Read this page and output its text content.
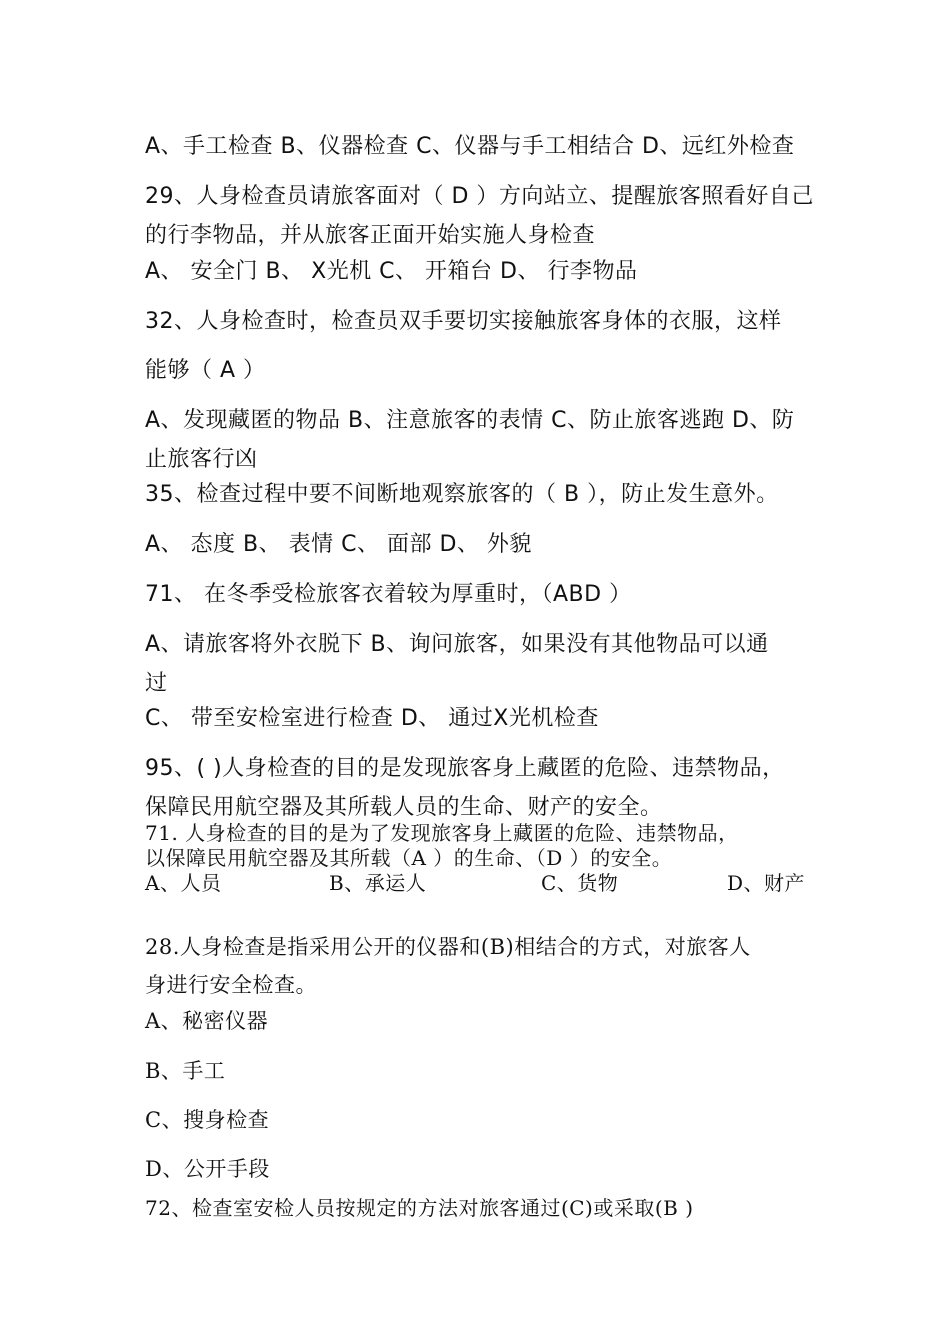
A、手工检查 B、仪器检查 C、仪器与手工相结合 D、远红外检查
29、人身检查员请旅客面对（ D ）方向站立、提醒旅客照看好自己
的行李物品，并从旅客正面开始实施人身检查
A、 安全门 B、 X光机 C、 开箱台 D、 行李物品
32、人身检查时，检查员双手要切实接触旅客身体的衣服，这样
能够（ A ）
A、发现藏匿的物品 B、注意旅客的表情 C、防止旅客逃跑 D、防
止旅客行凶
35、检查过程中要不间断地观察旅客的（ B ），防止发生意外。
A、 态度 B、 表情 C、 面部 D、 外貌
71、 在冬季受检旅客衣着较为厚重时，（ABD ）
A、请旅客将外衣脱下 B、询问旅客，如果没有其他物品可以通
过
C、 带至安检室进行检查 D、 通过X光机检查
95、( )人身检查的目的是发现旅客身上藏匿的危险、违禁物品，
保障民用航空器及其所载人员的生命、财产的安全。
71. 人身检查的目的是为了发现旅客身上藏匿的危险、违禁物品，
以保障民用航空器及其所载（A ）的生命、（D ）的安全。
A、人员	B、承运人	C、货物	D、财产
28.人身检查是指采用公开的仪器和(B)相结合的方式，对旅客人
身进行安全检查。
A、秘密仪器
B、手工
C、搜身检查
D、公开手段
72、检查室安检人员按规定的方法对旅客通过(C)或采取(B )
